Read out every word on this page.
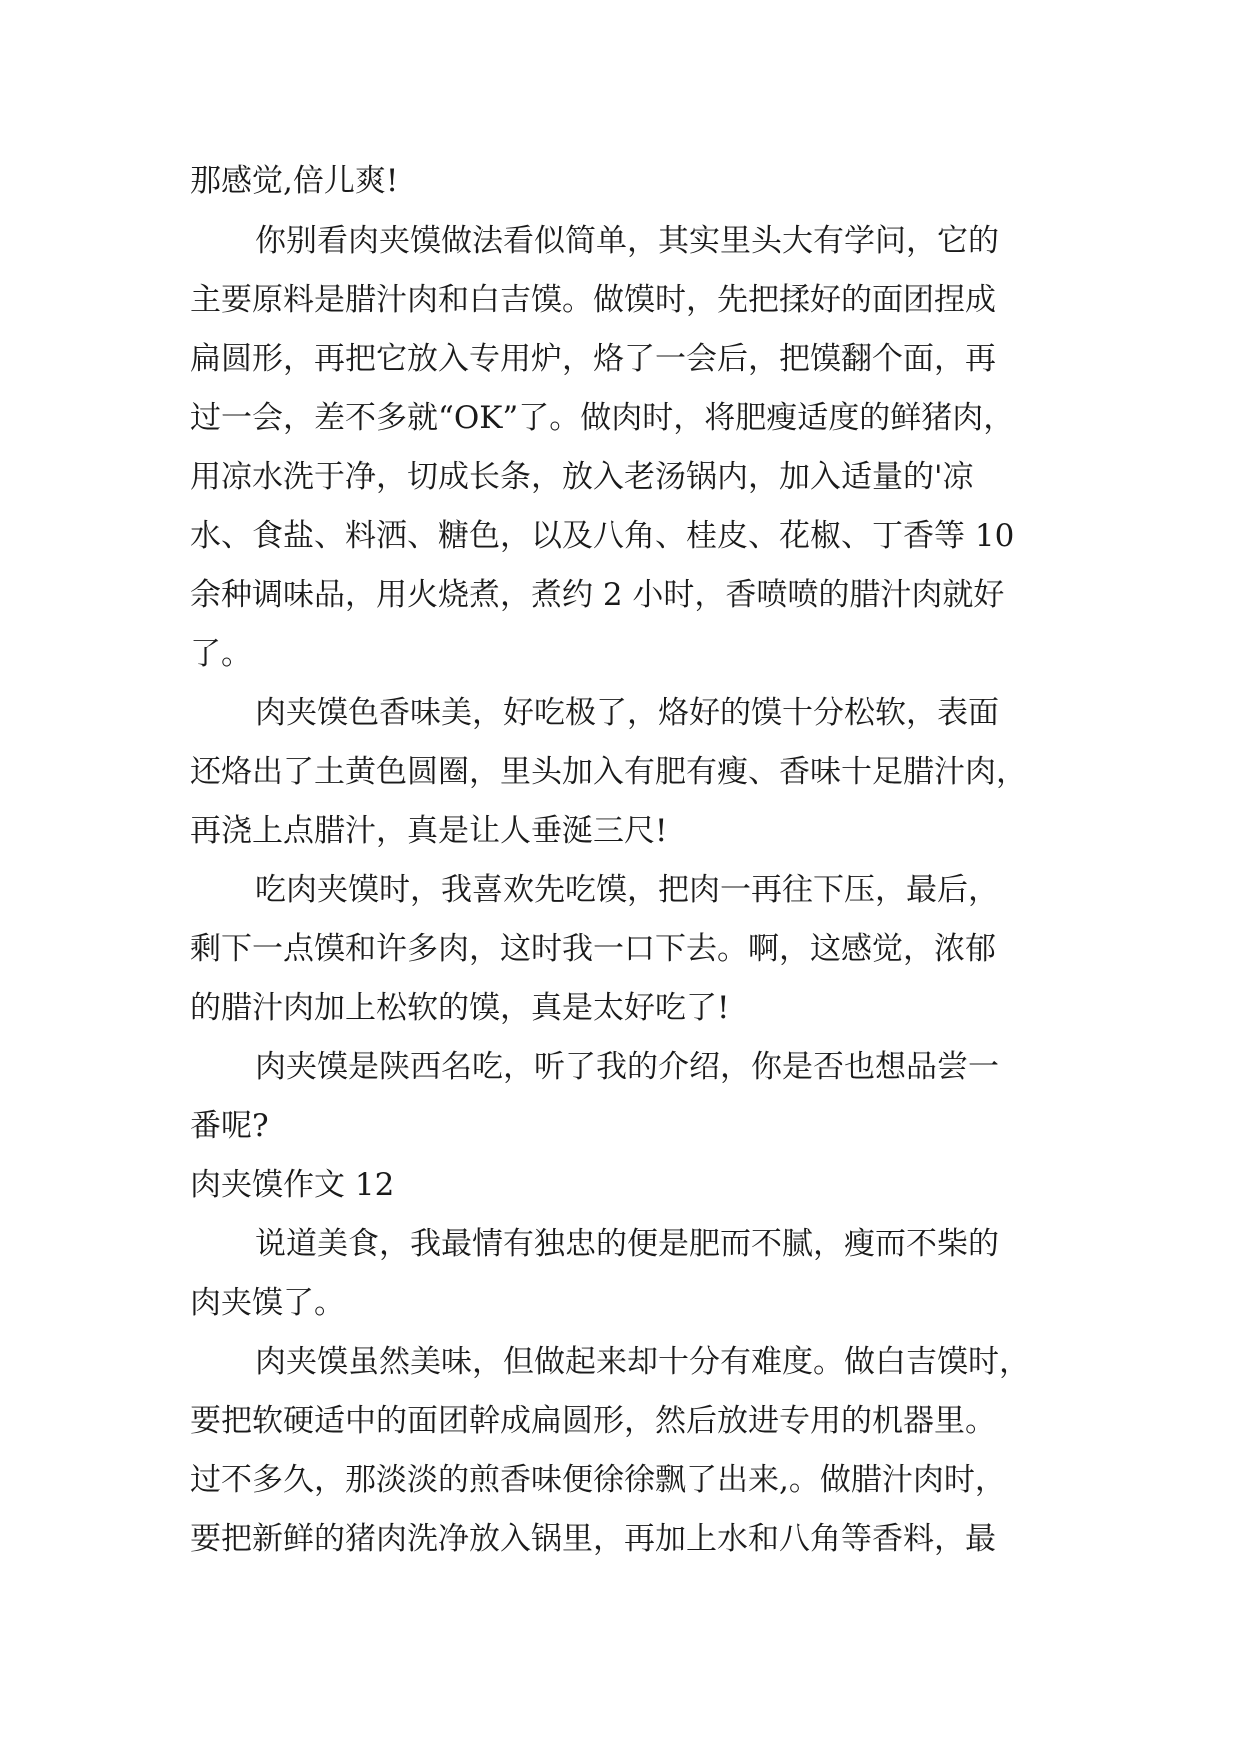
那感觉,倍儿爽!
你别看肉夹馍做法看似简单，其实里头大有学问，它的
主要原料是腊汁肉和白吉馍。做馍时，先把揉好的面团捏成
扁圆形，再把它放入专用炉，烙了一会后，把馍翻个面，再
过一会，差不多就“OK”了。做肉时，将肥瘦适度的鲜猪肉，
用凉水洗于净，切成长条，放入老汤锅内，加入适量的'凉
水、食盐、料洒、糖色，以及八角、桂皮、花椒、丁香等 10
余种调味品，用火烧煮，煮约 2 小时，香喷喷的腊汁肉就好
了。
肉夹馍色香味美，好吃极了，烙好的馍十分松软，表面
还烙出了土黄色圆圈，里头加入有肥有瘦、香味十足腊汁肉，
再浇上点腊汁，真是让人垂涎三尺!
吃肉夹馍时，我喜欢先吃馍，把肉一再往下压，最后，
剩下一点馍和许多肉，这时我一口下去。啊，这感觉，浓郁
的腊汁肉加上松软的馍，真是太好吃了!
肉夹馍是陕西名吃，听了我的介绍，你是否也想品尝一
番呢?
肉夹馍作文 12
说道美食，我最情有独忠的便是肥而不腻，瘦而不柴的
肉夹馍了。
肉夹馍虽然美味，但做起来却十分有难度。做白吉馍时，
要把软硬适中的面团幹成扁圆形，然后放进专用的机器里。
过不多久，那淡淡的煎香味便徐徐飘了出来,。做腊汁肉时，
要把新鲜的猪肉洗净放入锅里，再加上水和八角等香料，最
